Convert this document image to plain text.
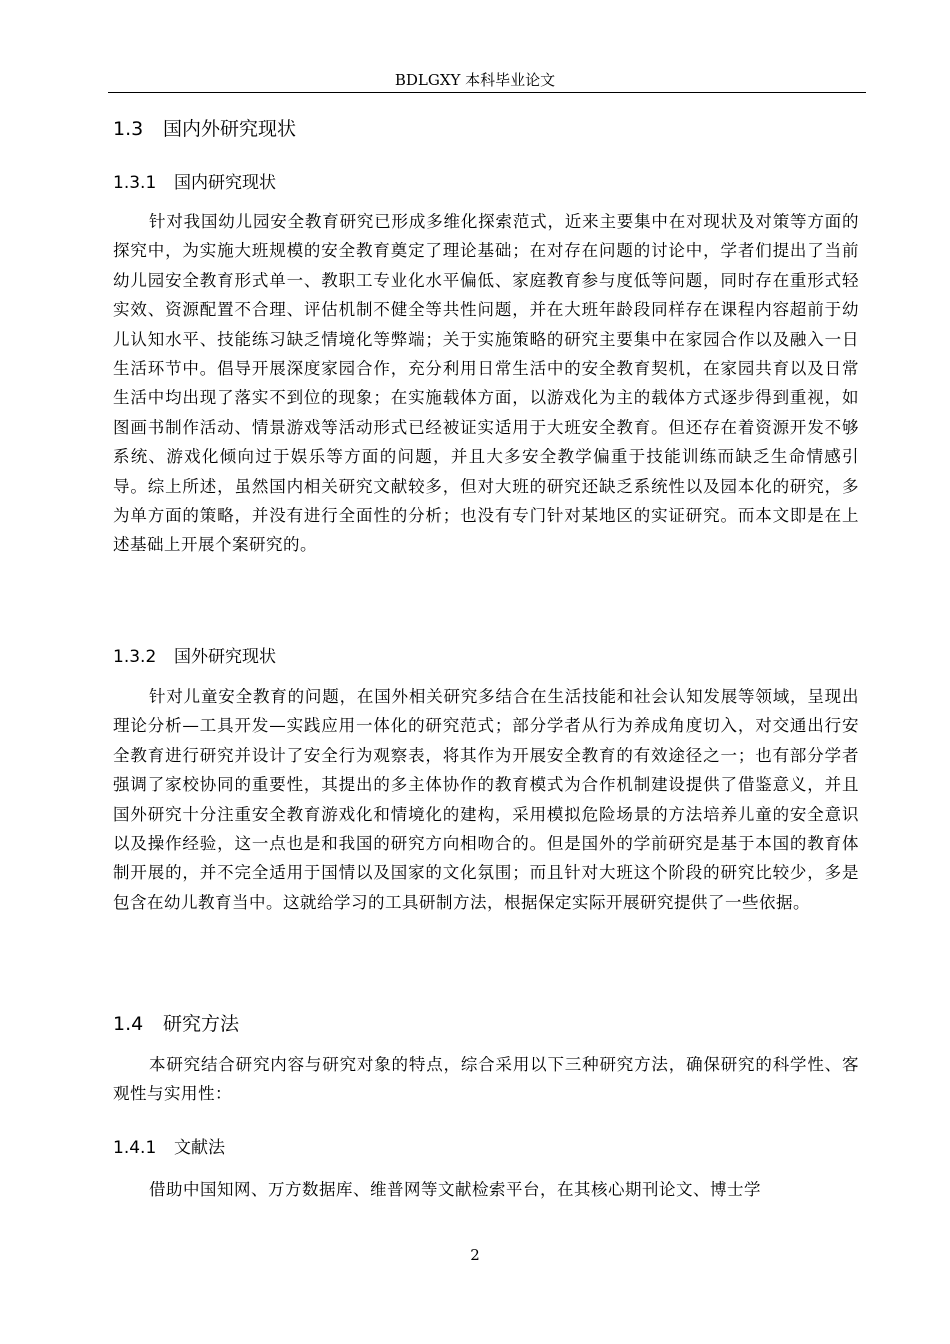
BDLGXY 本科毕业论文
1.3 国内外研究现状
1.3.1 国内研究现状

针对我国幼儿园安全教育研究已形成多维化探索范式，近来主要集中在对现状及对策等方面的探究中，为实施大班规模的安全教育奠定了理论基础；在对存在问题的讨论中，学者们提出了当前幼儿园安全教育形式单一、教职工专业化水平偏低、家庭教育参与度低等问题，同时存在重形式轻实效、资源配置不合理、评估机制不健全等共性问题，并在大班年龄段同样存在课程内容超前于幼儿认知水平、技能练习缺乏情境化等弊端；关于实施策略的研究主要集中在家园合作以及融入一日生活环节中。倡导开展深度家园合作，充分利用日常生活中的安全教育契机，在家园共育以及日常生活中均出现了落实不到位的现象；在实施载体方面，以游戏化为主的载体方式逐步得到重视，如图画书制作活动、情景游戏等活动形式已经被证实适用于大班安全教育。但还存在着资源开发不够系统、游戏化倾向过于娱乐等方面的问题，并且大多安全教学偏重于技能训练而缺乏生命情感引导。综上所述，虽然国内相关研究文献较多，但对大班的研究还缺乏系统性以及园本化的研究，多为单方面的策略，并没有进行全面性的分析；也没有专门针对某地区的实证研究。而本文即是在上述基础上开展个案研究的。

1.3.2 国外研究现状

针对儿童安全教育的问题，在国外相关研究多结合在生活技能和社会认知发展等领域，呈现出理论分析—工具开发—实践应用一体化的研究范式；部分学者从行为养成角度切入，对交通出行安全教育进行研究并设计了安全行为观察表，将其作为开展安全教育的有效途径之一；也有部分学者强调了家校协同的重要性，其提出的多主体协作的教育模式为合作机制建设提供了借鉴意义，并且国外研究十分注重安全教育游戏化和情境化的建构，采用模拟危险场景的方法培养儿童的安全意识以及操作经验，这一点也是和我国的研究方向相吻合的。但是国外的学前研究是基于本国的教育体制开展的，并不完全适用于国情以及国家的文化氛围；而且针对大班这个阶段的研究比较少，多是包含在幼儿教育当中。这就给学习的工具研制方法，根据保定实际开展研究提供了一些依据。

1.4 研究方法

本研究结合研究内容与研究对象的特点，综合采用以下三种研究方法，确保研究的科学性、客观性与实用性：

1.4.1 文献法

借助中国知网、万方数据库、维普网等文献检索平台，在其核心期刊论文、博士学

2
